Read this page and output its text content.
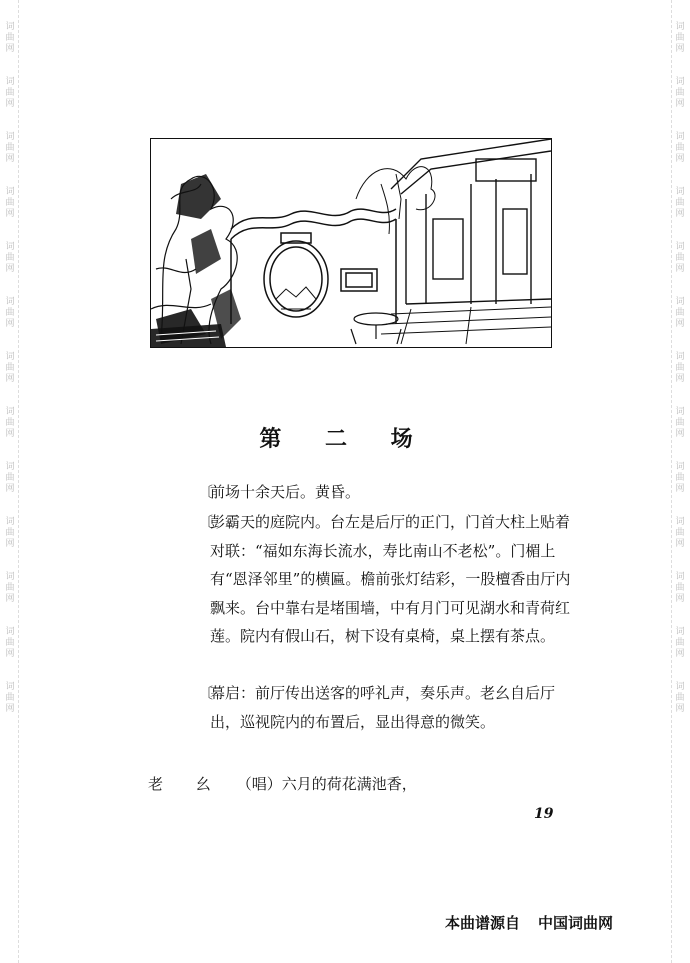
词
曲
网
词
曲
网
词
曲
网
词
曲
网
词
曲
网
词
曲
网
词
曲
网
词
曲
网
词
曲
网
词
曲
网
词
曲
网
词
曲
网
词
曲
网
词
曲
网
词
曲
网
词
曲
网
词
曲
网
词
曲
网
词
曲
网
词
曲
网
词
曲
网
词
曲
网
词
曲
网
词
曲
网
词
曲
网
词
曲
网
第 二 场

〔前场十余天后。黄昏。

〔彭霸天的庭院内。台左是后厅的正门，门首大柱上贴着对联：“福如东海长流水，寿比南山不老松”。门楣上有“恩泽邻里”的横匾。檐前张灯结彩，一股檀香由厅内飘来。台中靠右是堵围墙，中有月门可见湖水和青荷红莲。院内有假山石，树下设有桌椅，桌上摆有茶点。

〔幕启：前厅传出送客的呼礼声，奏乐声。老幺自后厅出，巡视院内的布置后，显出得意的微笑。

老 幺 （唱）六月的荷花满池香，
19
本曲谱源自 中国词曲网
